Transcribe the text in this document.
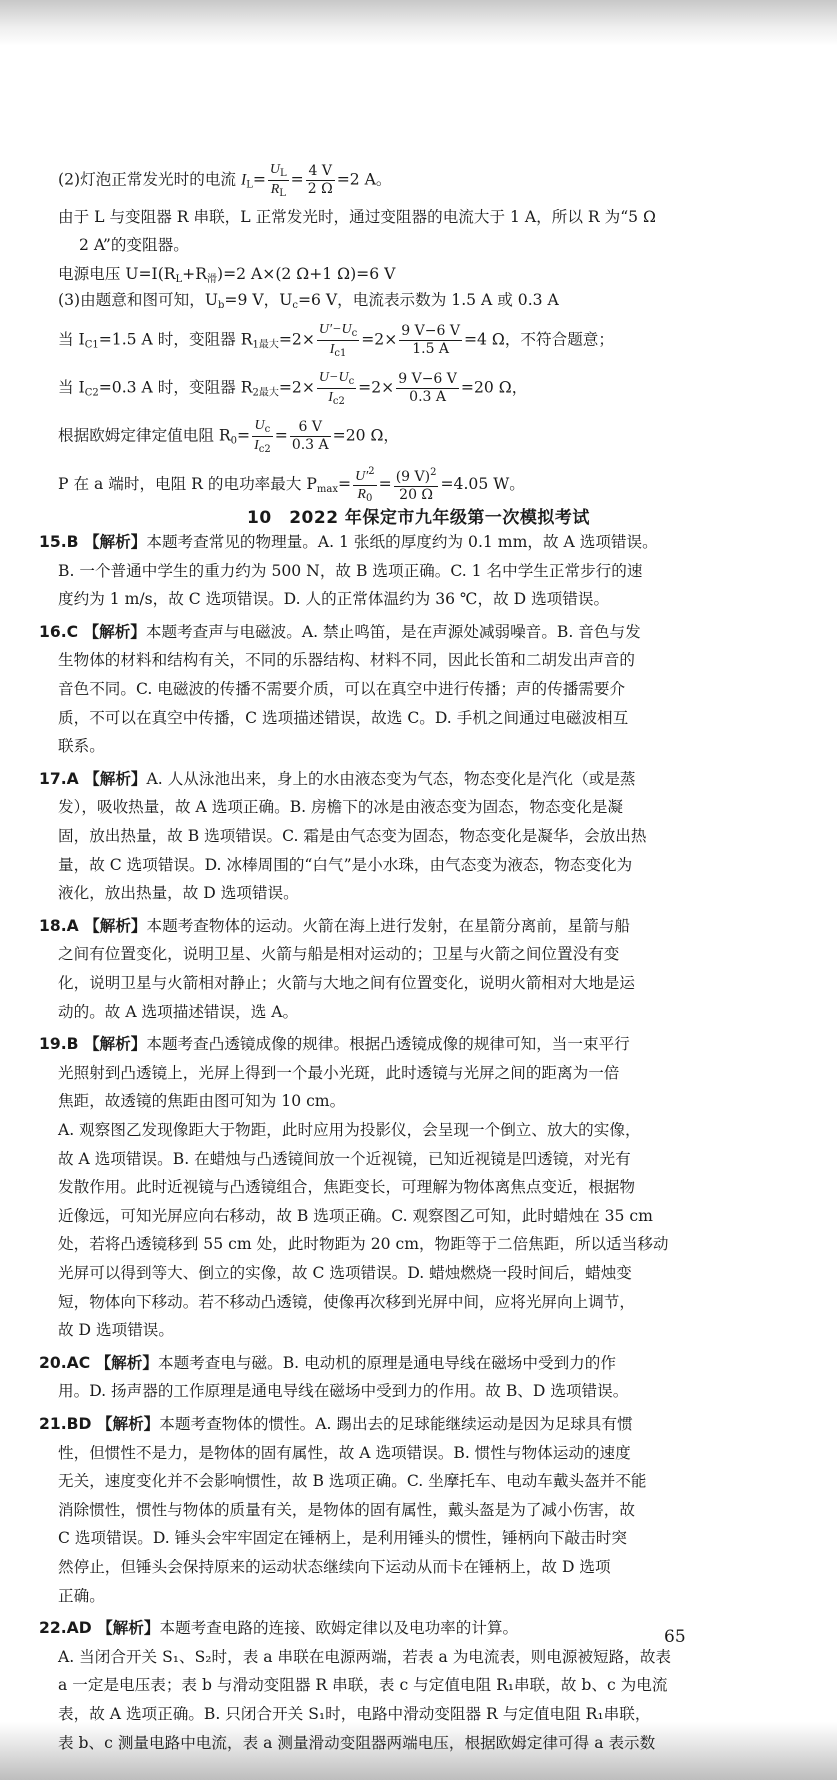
(2)灯泡正常发光时的电流 $I_L= \frac{U_L}{R_L} = \frac{4 V}{2 \Omega} =2$ A。
由于 L 与变阻器 R 串联，L 正常发光时，通过变阻器的电流大于 1 A，所以 R 为“5 Ω
2 A”的变阻器。
电源电压 $U=I(R_L+R_滑)=2$ A×(2 Ω+1 Ω)=6 V
(3)由题意和图可知，$U_b=9$ V，$U_c=6$ V，电流表示数为 1.5 A 或 0.3 A
当 $I_{C1}=1.5$ A 时，变阻器 $R_{1最大}=2\times \frac{U'-U_c}{I_{c1}} =2\times \frac{9 V-6 V}{1.5 A} =4$ Ω，不符合题意；
当 $I_{C2}=0.3$ A 时，变阻器 $R_{2最大}=2\times \frac{U-U_c}{I_{c2}} =2\times \frac{9 V-6 V}{0.3 A} =20$ Ω，
根据欧姆定律定值电阻 $R_0= \frac{U_c}{I_{c2}} = \frac{6 V}{0.3 A} =20$ Ω，
P 在 a 端时，电阻 R 的电功率最大 $P_{max}= \frac{U'^2}{R_0} = \frac{(9 V)^2}{20 \Omega} =4.05$ W。
10　2022 年保定市九年级第一次模拟考试
15.B 【解析】本题考查常见的物理量。A. 1 张纸的厚度约为 0.1 mm，故 A 选项错误。
B. 一个普通中学生的重力约为 500 N，故 B 选项正确。C. 1 名中学生正常步行的速
度约为 1 m/s，故 C 选项错误。D. 人的正常体温约为 36 ℃，故 D 选项错误。
16.C 【解析】本题考查声与电磁波。A. 禁止鸣笛，是在声源处减弱噪音。B. 音色与发
生物体的材料和结构有关，不同的乐器结构、材料不同，因此长笛和二胡发出声音的
音色不同。C. 电磁波的传播不需要介质，可以在真空中进行传播；声的传播需要介
质，不可以在真空中传播，C 选项描述错误，故选 C。D. 手机之间通过电磁波相互
联系。
17.A 【解析】A. 人从泳池出来，身上的水由液态变为气态，物态变化是汽化（或是蒸
发），吸收热量，故 A 选项正确。B. 房檐下的冰是由液态变为固态，物态变化是凝
固，放出热量，故 B 选项错误。C. 霜是由气态变为固态，物态变化是凝华，会放出热
量，故 C 选项错误。D. 冰棒周围的“白气”是小水珠，由气态变为液态，物态变化为
液化，放出热量，故 D 选项错误。
18.A 【解析】本题考查物体的运动。火箭在海上进行发射，在星箭分离前，星箭与船
之间有位置变化，说明卫星、火箭与船是相对运动的；卫星与火箭之间位置没有变
化，说明卫星与火箭相对静止；火箭与大地之间有位置变化，说明火箭相对大地是运
动的。故 A 选项描述错误，选 A。
19.B 【解析】本题考查凸透镜成像的规律。根据凸透镜成像的规律可知，当一束平行
光照射到凸透镜上，光屏上得到一个最小光斑，此时透镜与光屏之间的距离为一倍
焦距，故透镜的焦距由图可知为 10 cm。
A. 观察图乙发现像距大于物距，此时应用为投影仪，会呈现一个倒立、放大的实像，
故 A 选项错误。B. 在蜡烛与凸透镜间放一个近视镜，已知近视镜是凹透镜，对光有
发散作用。此时近视镜与凸透镜组合，焦距变长，可理解为物体离焦点变近，根据物
近像远，可知光屏应向右移动，故 B 选项正确。C. 观察图乙可知，此时蜡烛在 35 cm
处，若将凸透镜移到 55 cm 处，此时物距为 20 cm，物距等于二倍焦距，所以适当移动
光屏可以得到等大、倒立的实像，故 C 选项错误。D. 蜡烛燃烧一段时间后，蜡烛变
短，物体向下移动。若不移动凸透镜，使像再次移到光屏中间，应将光屏向上调节，
故 D 选项错误。
20.AC 【解析】本题考查电与磁。B. 电动机的原理是通电导线在磁场中受到力的作
用。D. 扬声器的工作原理是通电导线在磁场中受到力的作用。故 B、D 选项错误。
21.BD 【解析】本题考查物体的惯性。A. 踢出去的足球能继续运动是因为足球具有惯
性，但惯性不是力，是物体的固有属性，故 A 选项错误。B. 惯性与物体运动的速度
无关，速度变化并不会影响惯性，故 B 选项正确。C. 坐摩托车、电动车戴头盔并不能
消除惯性，惯性与物体的质量有关，是物体的固有属性，戴头盔是为了减小伤害，故
C 选项错误。D. 锤头会牢牢固定在锤柄上，是利用锤头的惯性，锤柄向下敲击时突
然停止，但锤头会保持原来的运动状态继续向下运动从而卡在锤柄上，故 D 选项
正确。
22.AD 【解析】本题考查电路的连接、欧姆定律以及电功率的计算。
A. 当闭合开关 S₁、S₂时，表 a 串联在电源两端，若表 a 为电流表，则电源被短路，故表
a 一定是电压表；表 b 与滑动变阻器 R 串联，表 c 与定值电阻 R₁串联，故 b、c 为电流
表，故 A 选项正确。B. 只闭合开关 S₁时，电路中滑动变阻器 R 与定值电阻 R₁串联，
表 b、c 测量电路中电流，表 a 测量滑动变阻器两端电压，根据欧姆定律可得 a 表示数
65
